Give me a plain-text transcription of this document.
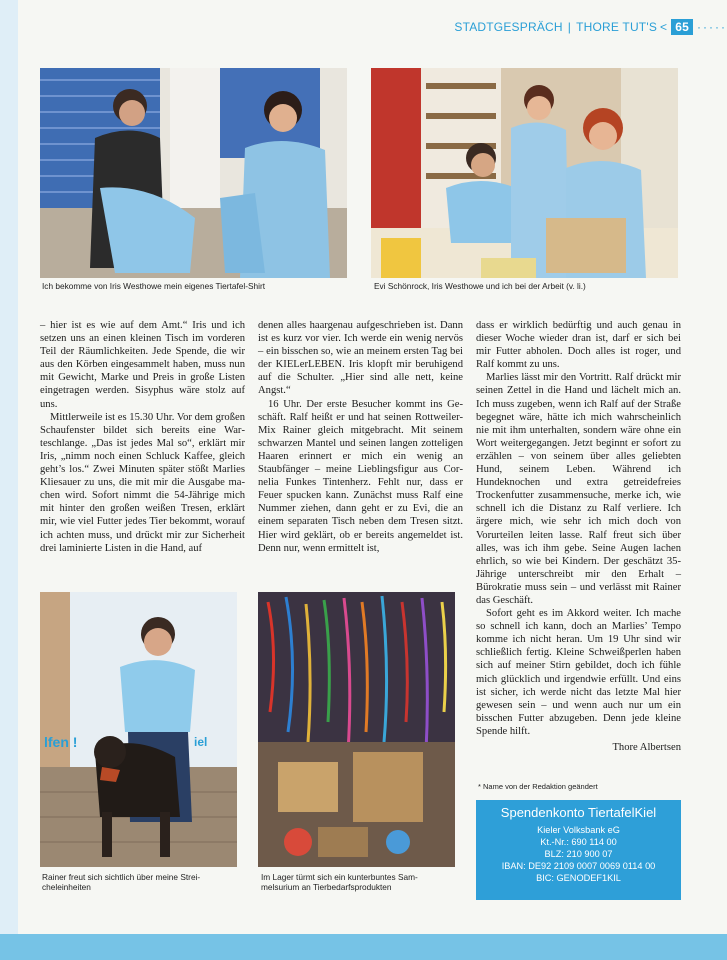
STADTGESPRÄCH | THORE TUT'S < 65 ·····
Ich bekomme von Iris Westhowe mein eigenes Tiertafel-Shirt	Evi Schönrock, Iris Westhowe und ich bei der Arbeit (v. li.)

– hier ist es wie auf dem Amt.“ Iris und ich setzen uns an einen kleinen Tisch im vorderen Teil der Räumlichkeiten. Jede Spende, die wir aus den Körben eingesammelt haben, muss nun mit Gewicht, Marke und Preis in große Listen eingetragen werden. Sisyphus wäre stolz auf uns.

Mittlerweile ist es 15.30 Uhr. Vor dem großen Schaufenster bildet sich bereits eine Warteschlange. „Das ist jedes Mal so“, erklärt mir Iris, „nimm noch einen Schluck Kaffee, gleich geht’s los.“ Zwei Minuten später stößt Marlies Kliesauer zu uns, die mit mir die Ausgabe machen wird. Sofort nimmt die 54-Jährige mich mit hinter den großen weißen Tresen, erklärt mir, wie viel Futter jedes Tier bekommt, worauf ich achten muss, und drückt mir zur Sicherheit drei laminierte Listen in die Hand, auf

denen alles haargenau aufgeschrieben ist. Dann ist es kurz vor vier. Ich werde ein wenig nervös – ein bisschen so, wie an meinem ersten Tag bei der KIELerLEBEN. Iris klopft mir beruhigend auf die Schulter. „Hier sind alle nett, keine Angst.“

16 Uhr. Der erste Besucher kommt ins Geschäft. Ralf heißt er und hat seinen Rottweiler-Mix Rainer gleich mitgebracht. Mit seinem schwarzen Mantel und seinen langen zotteligen Haaren erinnert er mich ein wenig an Staubfänger – meine Lieblingsfigur aus Cornelia Funkes Tintenherz. Fehlt nur, dass er Feuer spucken kann. Zunächst muss Ralf eine Nummer ziehen, dann geht er zu Evi, die an einem separaten Tisch neben dem Tresen sitzt. Hier wird geklärt, ob er bereits angemeldet ist. Denn nur, wenn ermittelt ist,

dass er wirklich bedürftig und auch genau in dieser Woche wieder dran ist, darf er sich bei mir Futter abholen. Doch alles ist roger, und Ralf kommt zu uns.

Marlies lässt mir den Vortritt. Ralf drückt mir seinen Zettel in die Hand und lächelt mich an. Ich muss zugeben, wenn ich Ralf auf der Straße begegnet wäre, hätte ich mich wahrscheinlich nie mit ihm unterhalten, sondern wäre ohne ein Wort weitergegangen. Jetzt beginnt er sofort zu erzählen – von seinem über alles geliebten Hund, seinem Leben. Während ich Hundeknochen und extra getreidefreies Trockenfutter zusammensuche, merke ich, wie schnell ich die Distanz zu Ralf verliere. Ich ärgere mich, wie sehr ich mich doch von Vorurteilen leiten lasse. Ralf freut sich über alles, was ich ihm gebe. Seine Augen lachen ehrlich, so wie bei Kindern. Der geschätzt 35-Jährige unterschreibt mir den Erhalt – Bürokratie muss sein – und verlässt mit Rainer das Geschäft.

Sofort geht es im Akkord weiter. Ich mache so schnell ich kann, doch an Marlies’ Tempo komme ich nicht heran. Um 19 Uhr sind wir schließlich fertig. Kleine Schweißperlen haben sich auf meiner Stirn gebildet, doch ich fühle mich glücklich und irgendwie erfüllt. Und eins ist sicher, ich werde nicht das letzte Mal hier gewesen sein – und wenn auch nur um ein bisschen Futter abzugeben. Denn jede kleine Spende hilft.

Thore Albertsen
lfen !	iel
Rainer freut sich sichtlich über meine Strei-
cheleinheiten
Im Lager türmt sich ein kunterbuntes Sam-
melsurium an Tierbedarfsprodukten
* Name von der Redaktion geändert
Spendenkonto TiertafelKiel
Kieler Volksbank eG
Kt.-Nr.: 690 114 00
BLZ: 210 900 07
IBAN: DE92 2109 0007 0069 0114 00
BIC: GENODEF1KIL
